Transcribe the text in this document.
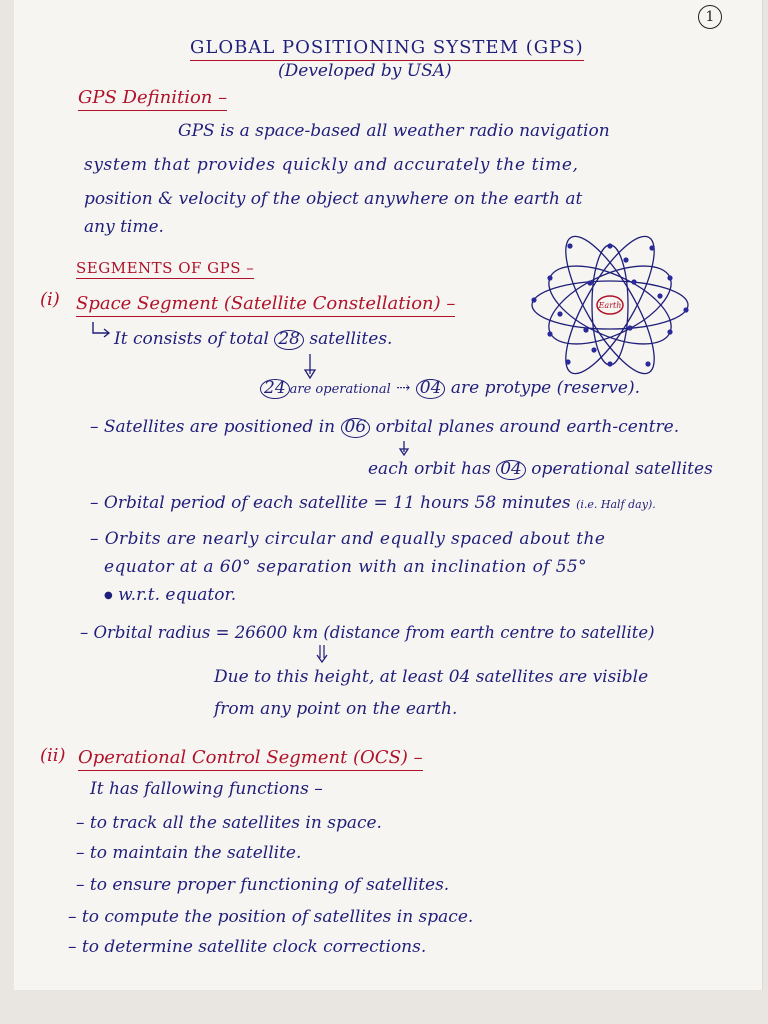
1
GLOBAL POSITIONING SYSTEM (GPS)
(Developed by USA)
GPS Definition –
GPS is a space-based all weather radio navigation
system that provides quickly and accurately the time,
position & velocity of the object anywhere on the earth at
any time.
SEGMENTS OF GPS –
Earth
(i) Space Segment (Satellite Constellation) –
It consists of total 28 satellites.
24 are operational ⇢ 04 are protype (reserve).
– Satellites are positioned in 06 orbital planes around earth-centre.
each orbit has 04 operational satellites
– Orbital period of each satellite = 11 hours 58 minutes (i.e. Half day).
– Orbits are nearly circular and equally spaced about the
equator at a 60° separation with an inclination of 55°
● w.r.t. equator.
– Orbital radius = 26600 km (distance from earth centre to satellite)
Due to this height, at least 04 satellites are visible
from any point on the earth.
(ii) Operational Control Segment (OCS) –
It has fallowing functions –
– to track all the satellites in space.
– to maintain the satellite.
– to ensure proper functioning of satellites.
– to compute the position of satellites in space.
– to determine satellite clock corrections.
